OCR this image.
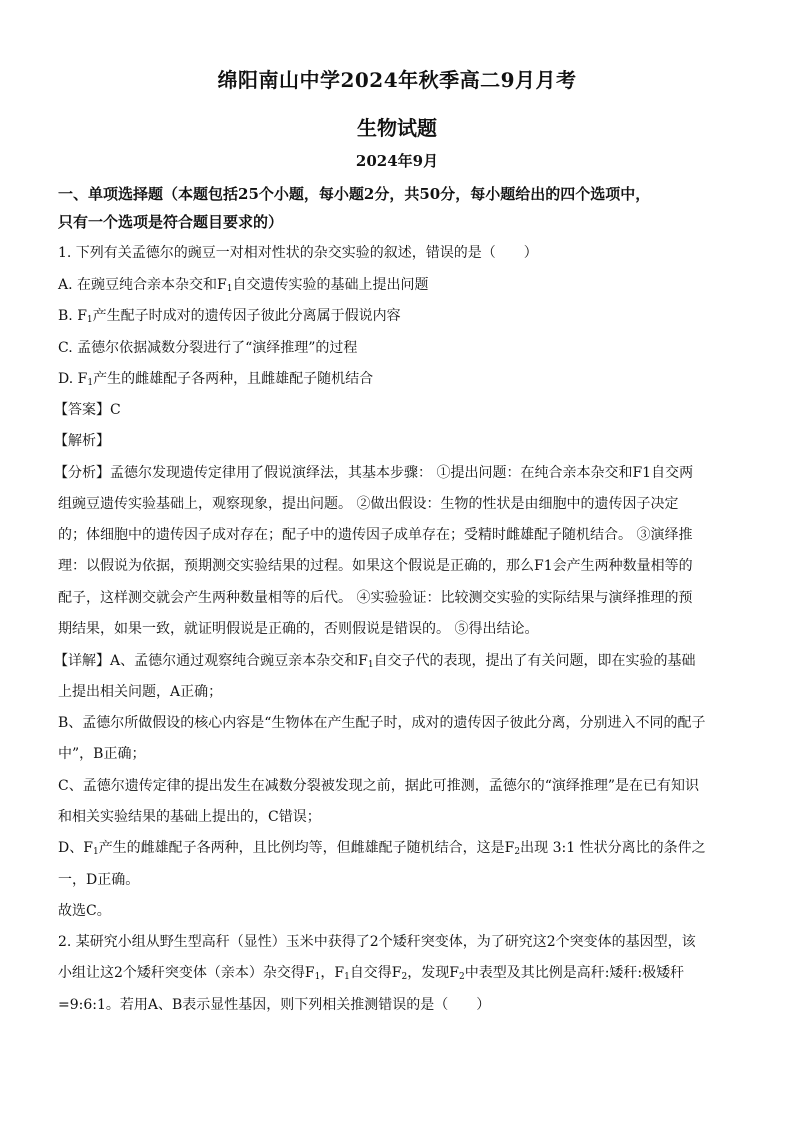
绵阳南山中学2024年秋季高二9月月考
生物试题
2024年9月
一、单项选择题（本题包括25个小题，每小题2分，共50分，每小题给出的四个选项中，
只有一个选项是符合题目要求的）
1. 下列有关孟德尔的豌豆一对相对性状的杂交实验的叙述，错误的是（　　）
A. 在豌豆纯合亲本杂交和$F_1$自交遗传实验的基础上提出问题
B. $F_1$产生配子时成对的遗传因子彼此分离属于假说内容
C. 孟德尔依据减数分裂进行了“演绎推理”的过程
D. $F_1$产生的雌雄配子各两种，且雌雄配子随机结合
【答案】C
【解析】
【分析】孟德尔发现遗传定律用了假说演绎法，其基本步骤： ①提出问题：在纯合亲本杂交和F1自交两
组豌豆遗传实验基础上，观察现象，提出问题。 ②做出假设：生物的性状是由细胞中的遗传因子决定
的；体细胞中的遗传因子成对存在；配子中的遗传因子成单存在；受精时雌雄配子随机结合。 ③演绎推
理：以假说为依据，预期测交实验结果的过程。如果这个假说是正确的，那么F1会产生两种数量相等的
配子，这样测交就会产生两种数量相等的后代。 ④实验验证：比较测交实验的实际结果与演绎推理的预
期结果，如果一致，就证明假说是正确的，否则假说是错误的。 ⑤得出结论。
【详解】A、孟德尔通过观察纯合豌豆亲本杂交和$F_1$自交子代的表现，提出了有关问题，即在实验的基础
上提出相关问题，A正确；
B、孟德尔所做假设的核心内容是“生物体在产生配子时，成对的遗传因子彼此分离，分别进入不同的配子
中”，B正确；
C、孟德尔遗传定律的提出发生在减数分裂被发现之前，据此可推测，孟德尔的“演绎推理”是在已有知识
和相关实验结果的基础上提出的，C错误；
D、$F_1$产生的雌雄配子各两种，且比例均等，但雌雄配子随机结合，这是$F_2$出现 3:1 性状分离比的条件之
一，D正确。
故选C。
2. 某研究小组从野生型高秆（显性）玉米中获得了2个矮秆突变体，为了研究这2个突变体的基因型，该
小组让这2个矮秆突变体（亲本）杂交得$F_1$，$F_1$自交得$F_2$，发现$F_2$中表型及其比例是高秆:矮秆:极矮秆
=9:6:1。若用A、B表示显性基因，则下列相关推测错误的是（　　）
